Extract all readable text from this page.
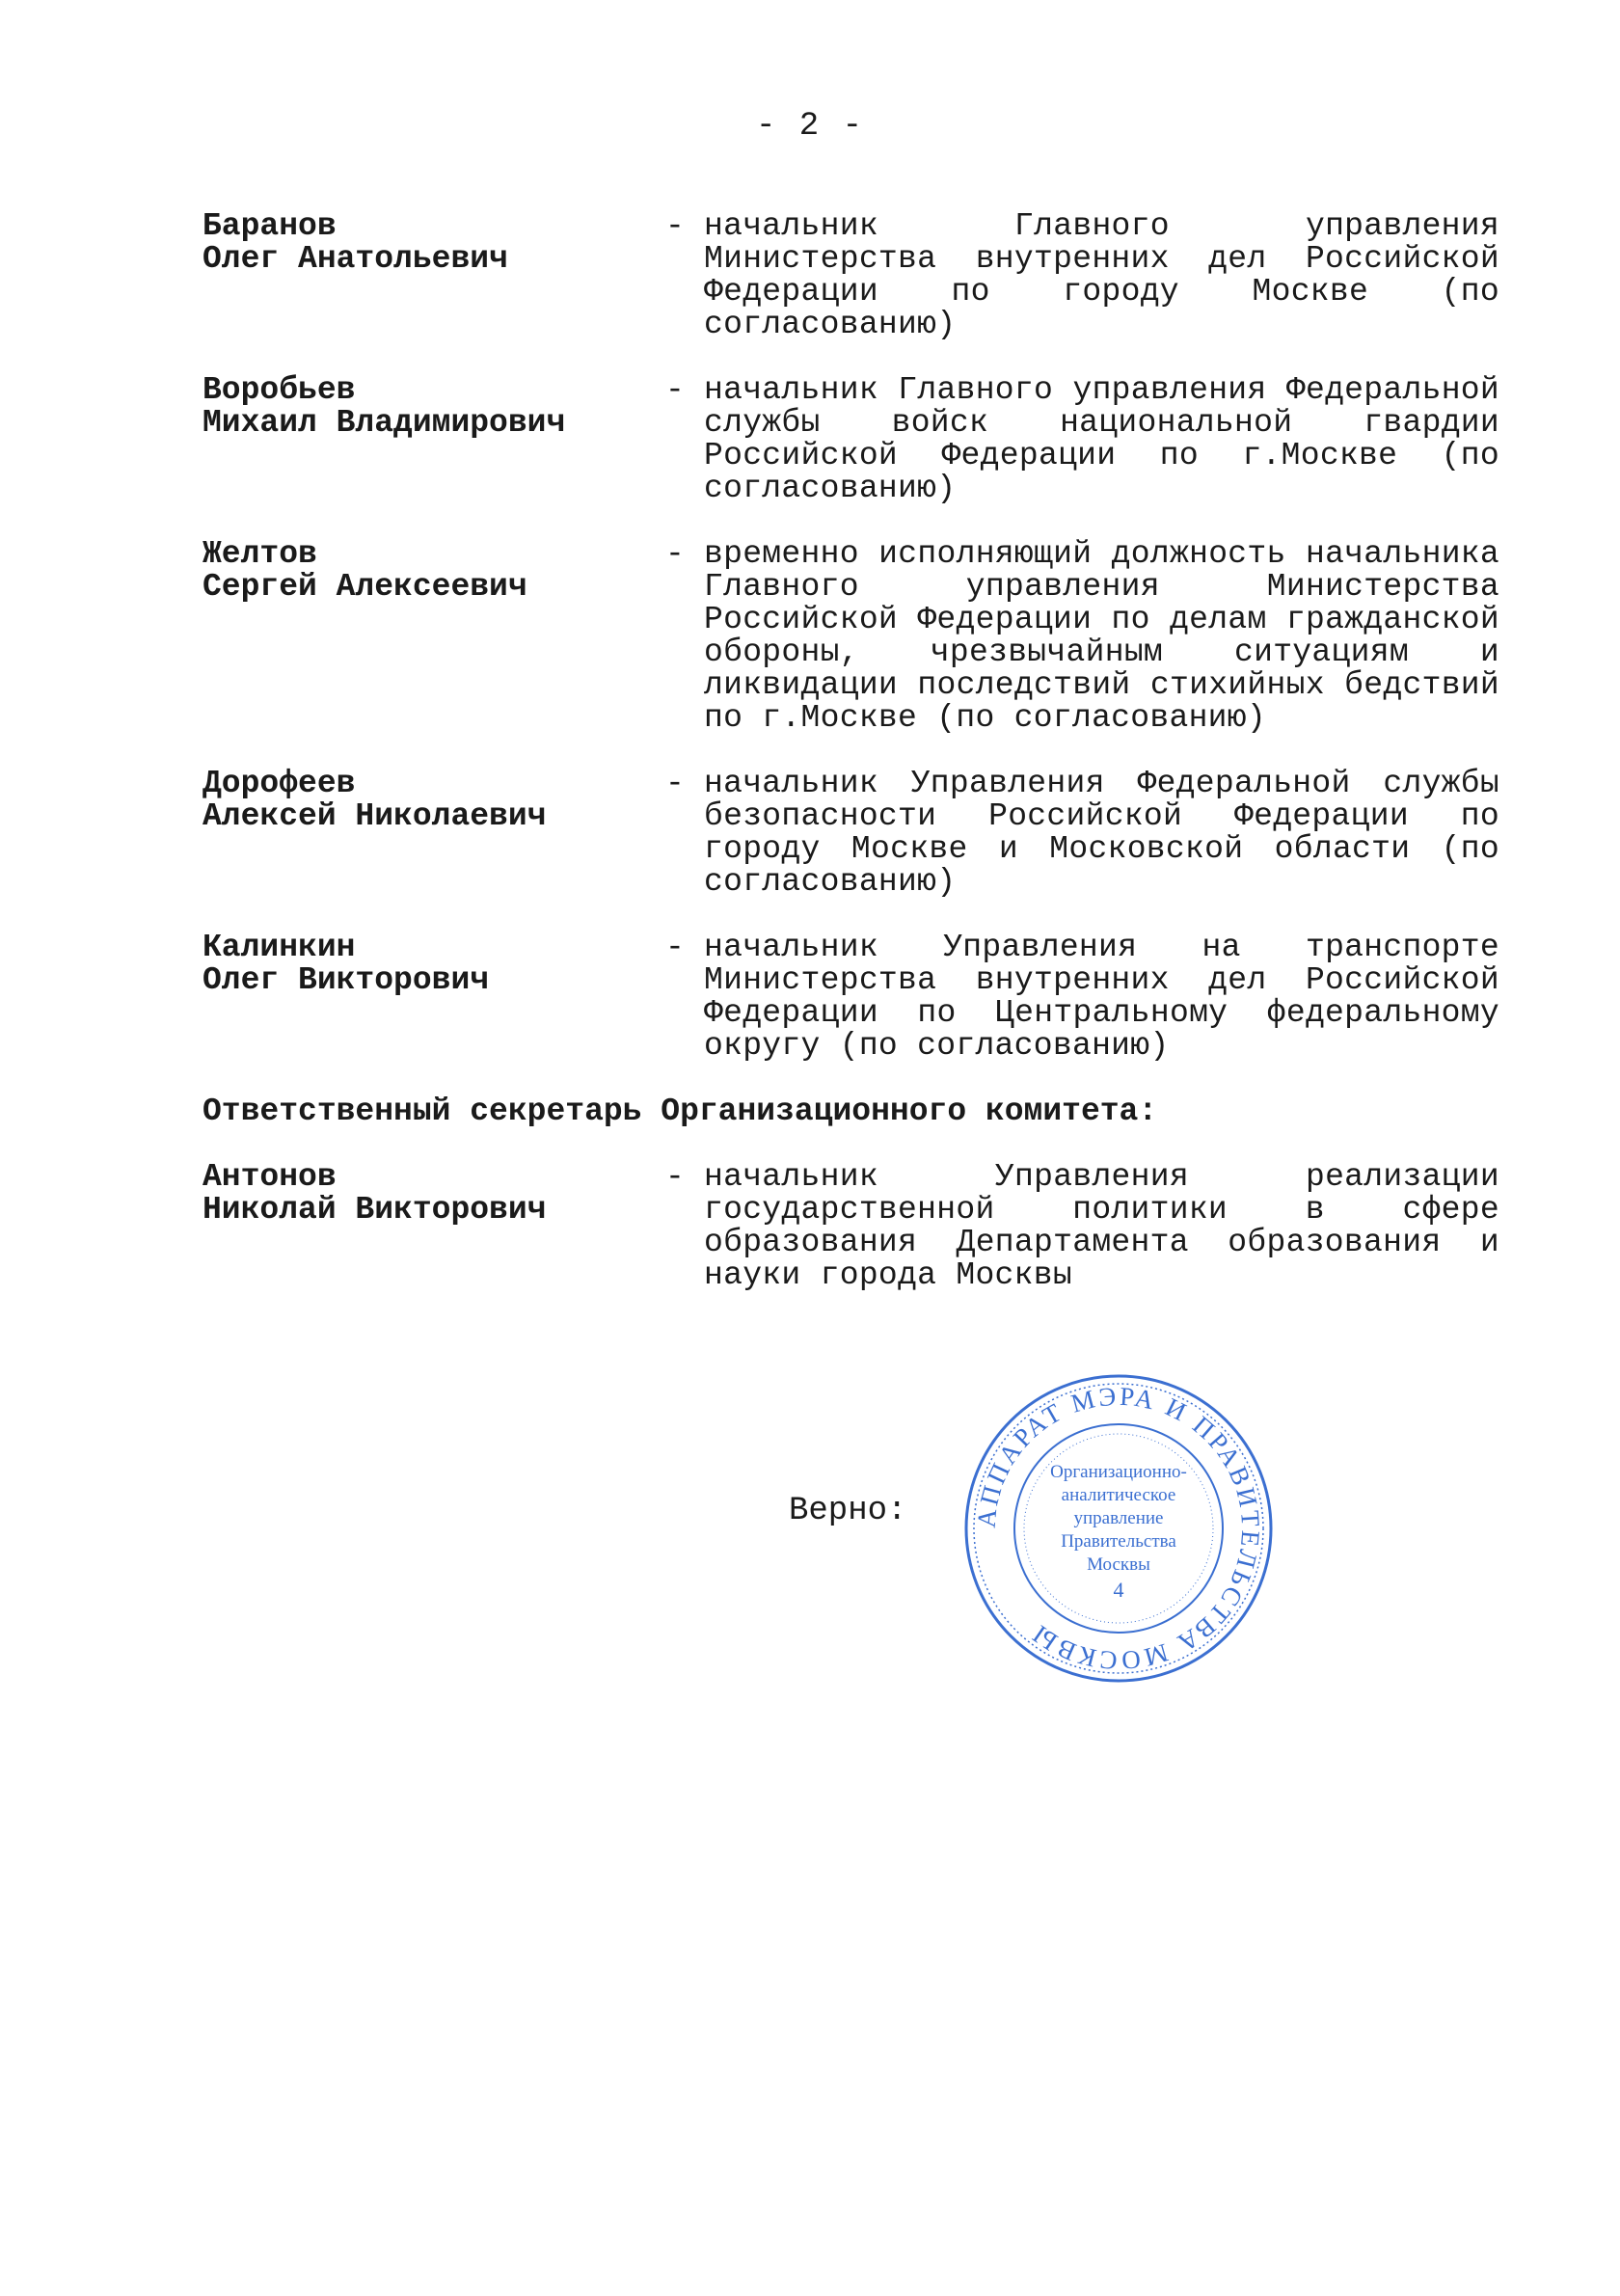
- 2 -
Баранов
Олег Анатольевич
- начальник Главного управления Министерства внутренних дел Российской Федерации по городу Москве (по согласованию)
Воробьев
Михаил Владимирович
- начальник Главного управления Федеральной службы войск национальной гвардии Российской Федерации по г.Москве (по согласованию)
Желтов
Сергей Алексеевич
- временно исполняющий должность начальника Главного управления Министерства Российской Федерации по делам гражданской обороны, чрезвычайным ситуациям и ликвидации последствий стихийных бедствий по г.Москве (по согласованию)
Дорофеев
Алексей Николаевич
- начальник Управления Федеральной службы безопасности Российской Федерации по городу Москве и Московской области (по согласованию)
Калинкин
Олег Викторович
- начальник Управления на транспорте Министерства внутренних дел Российской Федерации по Центральному федеральному округу (по согласованию)
Ответственный секретарь Организационного комитета:
Антонов
Николай Викторович
- начальник Управления реализации государственной политики в сфере образования Департамента образования и науки города Москвы
Верно: АППАРАТ МЭРА И ПРАВИТЕЛЬСТВА МОСКВЫ
Организационно-
аналитическое
управление
Правительства
Москвы
4
